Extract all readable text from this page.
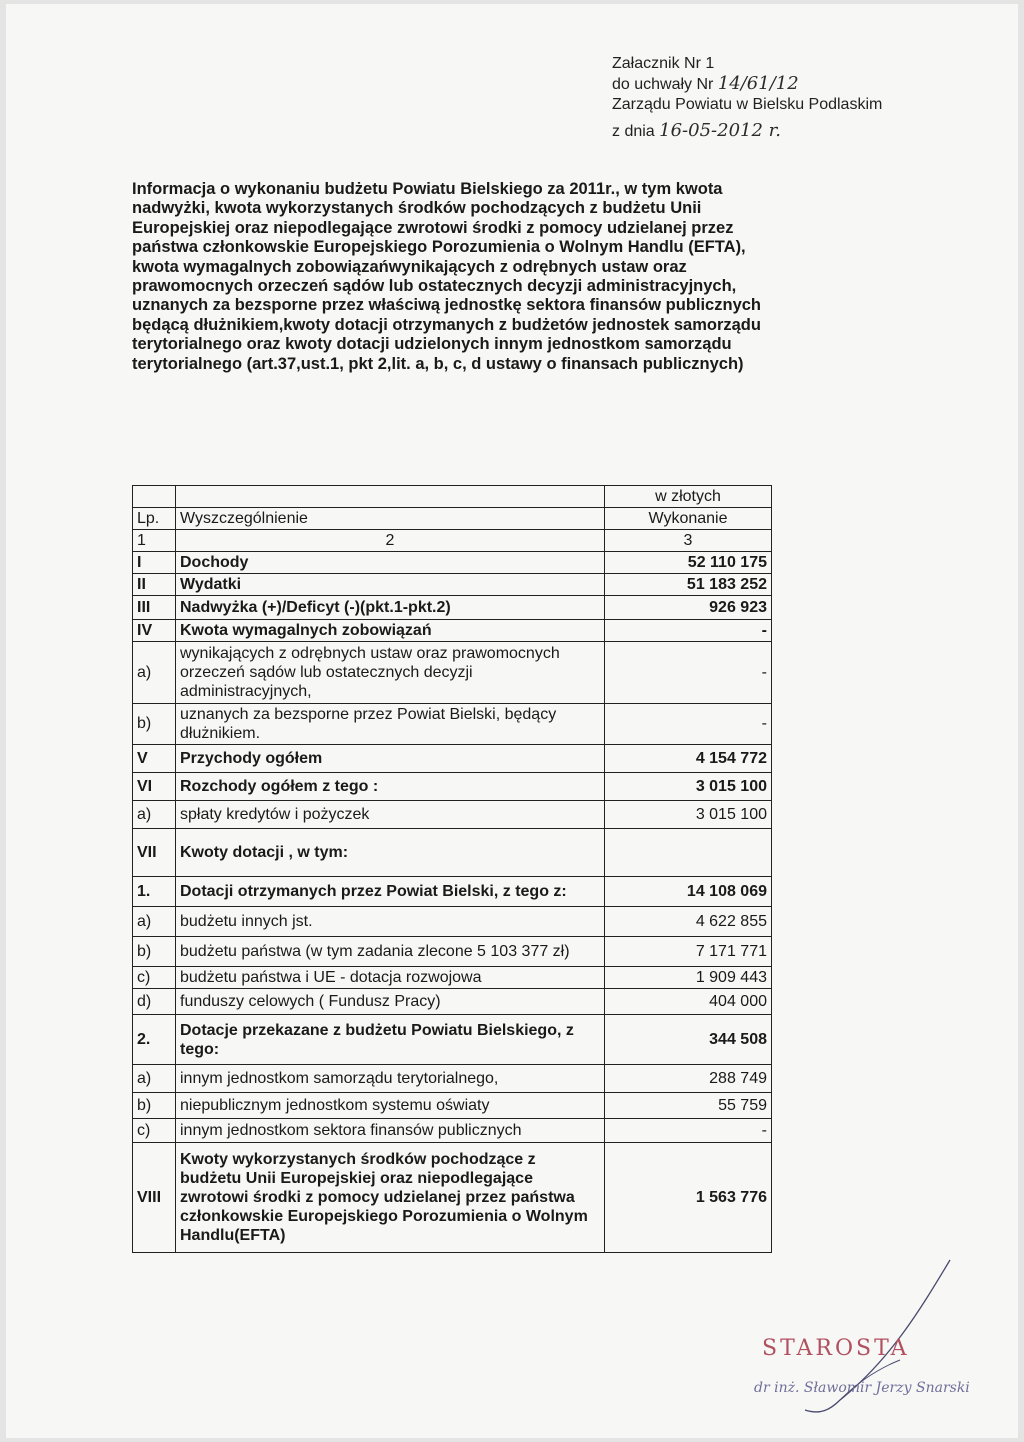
Załacznik Nr 1
do uchwały Nr 14/61/12
Zarządu Powiatu w Bielsku Podlaskim
z dnia 16-05-2012 r.
Informacja o wykonaniu budżetu Powiatu Bielskiego za 2011r., w tym kwota nadwyżki, kwota wykorzystanych środków pochodzących z budżetu Unii Europejskiej oraz niepodlegające zwrotowi środki z pomocy udzielanej przez państwa członkowskie Europejskiego Porozumienia o Wolnym Handlu (EFTA), kwota wymagalnych zobowiązańwynikających z odrębnych ustaw oraz prawomocnych orzeczeń sądów lub ostatecznych decyzji administracyjnych, uznanych za bezsporne przez właściwą jednostkę sektora finansów publicznych będącą dłużnikiem,kwoty dotacji otrzymanych z budżetów jednostek samorządu terytorialnego oraz kwoty dotacji udzielonych innym jednostkom samorządu terytorialnego (art.37,ust.1, pkt 2,lit. a, b, c, d ustawy o finansach publicznych)
		w złotych
Lp.	Wyszczególnienie	Wykonanie
1	2	3
I	Dochody	52 110 175
II	Wydatki	51 183 252
III	Nadwyżka (+)/Deficyt (-)(pkt.1-pkt.2)	926 923
IV	Kwota wymagalnych zobowiązań	-
a)	wynikających z odrębnych ustaw oraz prawomocnych orzeczeń sądów lub ostatecznych decyzji administracyjnych,	-
b)	uznanych za bezsporne przez Powiat Bielski, będący dłużnikiem.	-
V	Przychody ogółem	4 154 772
VI	Rozchody ogółem z tego :	3 015 100
a)	spłaty kredytów i pożyczek	3 015 100
VII	Kwoty dotacji , w tym:	
1.	Dotacji otrzymanych przez Powiat Bielski, z tego z:	14 108 069
a)	budżetu innych jst.	4 622 855
b)	budżetu państwa (w tym zadania zlecone 5 103 377 zł)	7 171 771
c)	budżetu państwa i UE - dotacja rozwojowa	1 909 443
d)	funduszy celowych ( Fundusz Pracy)	404 000
2.	Dotacje przekazane z budżetu Powiatu Bielskiego, z tego:	344 508
a)	innym jednostkom samorządu terytorialnego,	288 749
b)	niepublicznym jednostkom systemu oświaty	55 759
c)	innym jednostkom sektora finansów publicznych	-
VIII	Kwoty wykorzystanych środków pochodzące z budżetu Unii Europejskiej oraz niepodlegające zwrotowi środki z pomocy udzielanej przez państwa członkowskie Europejskiego Porozumienia o Wolnym Handlu(EFTA)	1 563 776
STAROSTA
dr inż. Sławomir Jerzy Snarski
